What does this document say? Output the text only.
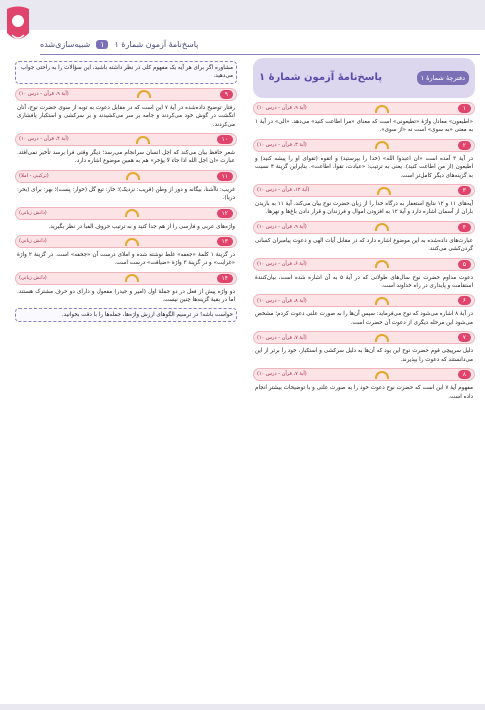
پاسخ‌نامهٔ آزمون شمارهٔ ۱
۱
شبیه‌سازی‌شده
دفترچهٔ شمارهٔ ۱
پاسخ‌نامهٔ آزمون شمارهٔ ۱
۱
(آیهٔ ۹، قرآن - درس ۱۰)
«اطیعون» معادل واژهٔ «تطیعونی» است که معنای «مرا اطاعت کنید» می‌دهد. «الی» در آیهٔ ۱ به معنی «به سوی» است نه «از سوی».
۲
(آیهٔ ۳، قرآن - درس ۱۰)
در آیهٔ ۳ آمده است «ان اعبدوا الله» (خدا را بپرستید) و اتقوه (تقوای او را پیشه کنید) و اطیعون (از من اطاعت کنید). یعنی به ترتیب: «عبادت، تقوا، اطاعت». بنابراین گزینهٔ ۴ نسبت به گزینه‌های دیگر کامل‌تر است.
۳
(آیهٔ ۱۲، قرآن - درس ۱۰)
آیه‌های ۱۱ و ۱۲ نتایج استغفار به درگاه خدا را از زبان حضرت نوح بیان می‌کند. آیهٔ ۱۱ به باریدن باران از آسمان اشاره دارد و آیهٔ ۱۲ به افزودن اموال و فرزندان و قرار دادن باغ‌ها و نهرها.
۴
(آیهٔ ۹، قرآن - درس ۱۰)
عبارت‌های داده‌شده به این موضوع اشاره دارد که در مقابل آیات الهی و دعوت پیامبران کسانی گردن‌کشی می‌کنند.
۵
(آیهٔ ۶، قرآن - درس ۱۰)
دعوت مداوم حضرت نوح سال‌های طولانی که در آیهٔ ۵ به آن اشاره شده است، بیان‌کنندهٔ استقامت و پایداری در راه خداوند است.
۶
(آیهٔ ۸، قرآن - درس ۱۰)
در آیهٔ ۸ اشاره می‌شود که نوح می‌فرماید: سپس آن‌ها را به صورت علنی دعوت کردم؛ مشخص می‌شود این مرحله دیگری از دعوت آن حضرت است.
۷
(آیهٔ ۷، قرآن - درس ۱۰)
دلیل سرپیچی قوم حضرت نوح این بود که آن‌ها به دلیل سرکشی و استکبار، خود را برتر از این می‌دانستند که دعوت را بپذیرند.
۸
(آیهٔ ۷، قرآن - درس ۱۰)
مفهوم آیهٔ ۷ این است که حضرت نوح دعوت خود را به صورت علنی و با توضیحات بیشتر انجام داده است.
مشاوره اگر برای هر آیه یک مفهوم کلی در نظر داشته باشید، این سؤالات را به راحتی جواب می‌دهید.
۹
(آیهٔ ۹، قرآن - درس ۱۰)
رفتار توضیح داده‌شده در آیهٔ ۷ این است که در مقابل دعوت به توبه از سوی حضرت نوح، آنان انگشت در گوش خود می‌کردند و جامه بر سر می‌کشیدند و بر سرکشی و استکبار پافشاری می‌کردند.
۱۰
(آیهٔ ۴، قرآن - درس ۱۰)
شعر حافظ بیان می‌کند که اجل انسان سرانجام می‌رسد؛ دیگر وقتی فرا برسد تأخیر نمی‌افتد. عبارت «ان اجل الله اذا جاء لا یؤخر» هم به همین موضوع اشاره دارد.
۱۱
(ترکیبی - املا)
غریب: ناآشنا، بیگانه و دور از وطن (قریب: نزدیک)؛ خار: تیغ گل (خوار: پست)؛ بهر: برای (بحر: دریا).
۱۲
(دانش زبانی)
واژه‌های عربی و فارسی را از هم جدا کنید و به ترتیب حروف الفبا در نظر بگیرید.
۱۳
(دانش زبانی)
در گزینهٔ ۱ کلمهٔ «جعفه» غلط نوشته شده و املای درست آن «جحفه» است. در گزینهٔ ۲ واژهٔ «غرابت» و در گزینهٔ ۳ واژهٔ «ضیافت» درست است.
۱۴
(دانش زبانی)
دو واژه پیش از فعل در دو جملهٔ اول (امیر و حیدر) مفعول و دارای دو حرف مشترک هستند. اما در بقیهٔ گزینه‌ها چنین نیست.
حواست باشه! در ترسیم الگوهای ارزش واژه‌ها، جمله‌ها را با دقت بخوانید.
